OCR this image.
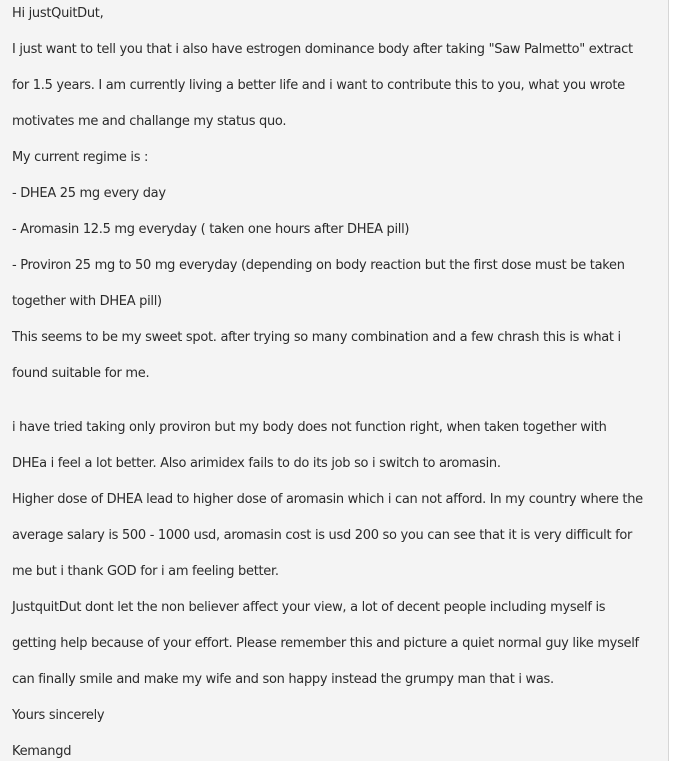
Hi justQuitDut,
I just want to tell you that i also have estrogen dominance body after taking "Saw Palmetto" extract
for 1.5 years. I am currently living a better life and i want to contribute this to you, what you wrote
motivates me and challange my status quo.
My current regime is :
- DHEA 25 mg every day
- Aromasin 12.5 mg everyday ( taken one hours after DHEA pill)
- Proviron 25 mg to 50 mg everyday (depending on body reaction but the first dose must be taken
together with DHEA pill)
This seems to be my sweet spot. after trying so many combination and a few chrash this is what i
found suitable for me.
i have tried taking only proviron but my body does not function right, when taken together with
DHEa i feel a lot better. Also arimidex fails to do its job so i switch to aromasin.
Higher dose of DHEA lead to higher dose of aromasin which i can not afford. In my country where the
average salary is 500 - 1000 usd, aromasin cost is usd 200 so you can see that it is very difficult for
me but i thank GOD for i am feeling better.
JustquitDut dont let the non believer affect your view, a lot of decent people including myself is
getting help because of your effort. Please remember this and picture a quiet normal guy like myself
can finally smile and make my wife and son happy instead the grumpy man that i was.
Yours sincerely
Kemangd
